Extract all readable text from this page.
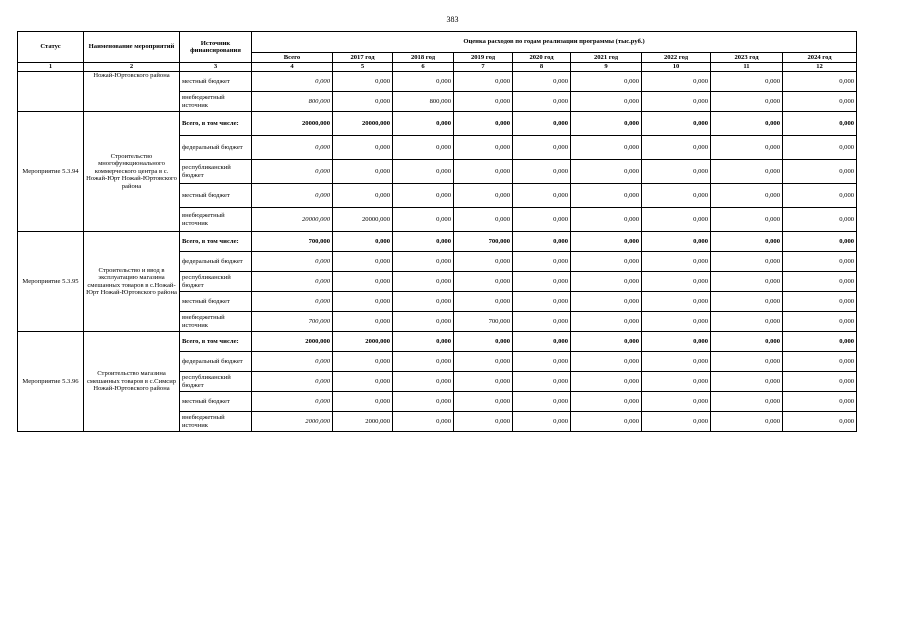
383
Статус	Наименование мероприятий	Источник финансирования	Оценка расходов по годам реализации программы (тыс.руб.)								
			Всего	2017 год	2018 год	2019 год	2020 год	2021 год	2022 год	2023 год	2024 год
1	2	3	4	5	6	7	8	9	10	11	12
	Ножай-Юртовского района	местный бюджет	0,000	0,000	0,000	0,000	0,000	0,000	0,000	0,000	0,000
		внебюджетный источник	800,000	0,000	800,000	0,000	0,000	0,000	0,000	0,000	0,000
Мероприятие 5.3.94	Строительство многофункционального коммерческого центра в с. Ножай-Юрт Ножай-Юртовского района	Всего, в том числе:	20000,000	20000,000	0,000	0,000	0,000	0,000	0,000	0,000	0,000
		федеральный бюджет	0,000	0,000	0,000	0,000	0,000	0,000	0,000	0,000	0,000
		республиканский бюджет	0,000	0,000	0,000	0,000	0,000	0,000	0,000	0,000	0,000
		местный бюджет	0,000	0,000	0,000	0,000	0,000	0,000	0,000	0,000	0,000
		внебюджетный источник	20000,000	20000,000	0,000	0,000	0,000	0,000	0,000	0,000	0,000
Мероприятие 5.3.95	Строительство и ввод в эксплуатацию магазина смешанных товаров в с.Ножай-Юрт Ножай-Юртовского района	Всего, в том числе:	700,000	0,000	0,000	700,000	0,000	0,000	0,000	0,000	0,000
		федеральный бюджет	0,000	0,000	0,000	0,000	0,000	0,000	0,000	0,000	0,000
		республиканский бюджет	0,000	0,000	0,000	0,000	0,000	0,000	0,000	0,000	0,000
		местный бюджет	0,000	0,000	0,000	0,000	0,000	0,000	0,000	0,000	0,000
		внебюджетный источник	700,000	0,000	0,000	700,000	0,000	0,000	0,000	0,000	0,000
Мероприятие 5.3.96	Строительство магазина смешанных товаров в с.Симсир Ножай-Юртовского района	Всего, в том числе:	2000,000	2000,000	0,000	0,000	0,000	0,000	0,000	0,000	0,000
		федеральный бюджет	0,000	0,000	0,000	0,000	0,000	0,000	0,000	0,000	0,000
		республиканский бюджет	0,000	0,000	0,000	0,000	0,000	0,000	0,000	0,000	0,000
		местный бюджет	0,000	0,000	0,000	0,000	0,000	0,000	0,000	0,000	0,000
		внебюджетный источник	2000,000	2000,000	0,000	0,000	0,000	0,000	0,000	0,000	0,000
